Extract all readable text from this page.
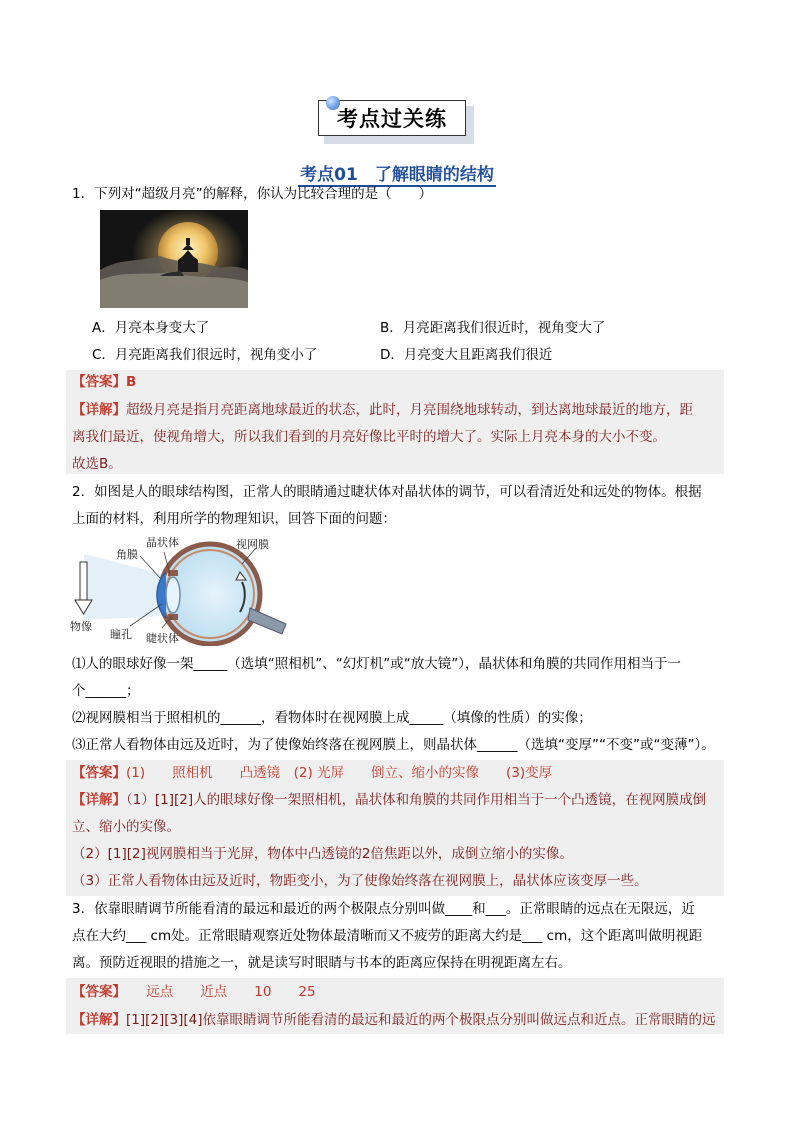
考点过关练
考点01　了解眼睛的结构
1．下列对“超级月亮”的解释，你认为比较合理的是（　　）
A．月亮本身变大了	B．月亮距离我们很近时，视角变大了
C．月亮距离我们很远时，视角变小了	D．月亮变大且距离我们很近
【答案】B
【详解】超级月亮是指月亮距离地球最近的状态，此时，月亮围绕地球转动，到达离地球最近的地方，距
离我们最近，使视角增大，所以我们看到的月亮好像比平时的增大了。实际上月亮本身的大小不变。
故选B。
2．如图是人的眼球结构图，正常人的眼睛通过睫状体对晶状体的调节，可以看清近处和远处的物体。根据
上面的材料，利用所学的物理知识，回答下面的问题：
晶状体
角膜
视网膜
物像
瞳孔 睫状体
⑴人的眼球好像一架_____（选填“照相机”、“幻灯机”或“放大镜”），晶状体和角膜的共同作用相当于一
个______；
⑵视网膜相当于照相机的______，看物体时在视网膜上成_____（填像的性质）的实像；
⑶正常人看物体由远及近时，为了使像始终落在视网膜上，则晶状体______（选填“变厚”“不变”或“变薄”）。
【答案】(1)　　照相机　　凸透镜　(2) 光屏　　倒立、缩小的实像　　(3)变厚
【详解】（1）[1][2]人的眼球好像一架照相机，晶状体和角膜的共同作用相当于一个凸透镜，在视网膜成倒
立、缩小的实像。
（2）[1][2]视网膜相当于光屏，物体中凸透镜的2倍焦距以外，成倒立缩小的实像。
（3）正常人看物体由远及近时，物距变小，为了使像始终落在视网膜上，晶状体应该变厚一些。
3．依靠眼睛调节所能看清的最远和最近的两个极限点分别叫做____和___。正常眼睛的远点在无限远，近
点在大约___ cm处。正常眼睛观察近处物体最清晰而又不疲劳的距离大约是___ cm，这个距离叫做明视距
离。预防近视眼的措施之一，就是读写时眼睛与书本的距离应保持在明视距离左右。
【答案】　　远点　　近点　　10　　25
【详解】[1][2][3][4]依靠眼睛调节所能看清的最远和最近的两个极限点分别叫做远点和近点。正常眼睛的远
